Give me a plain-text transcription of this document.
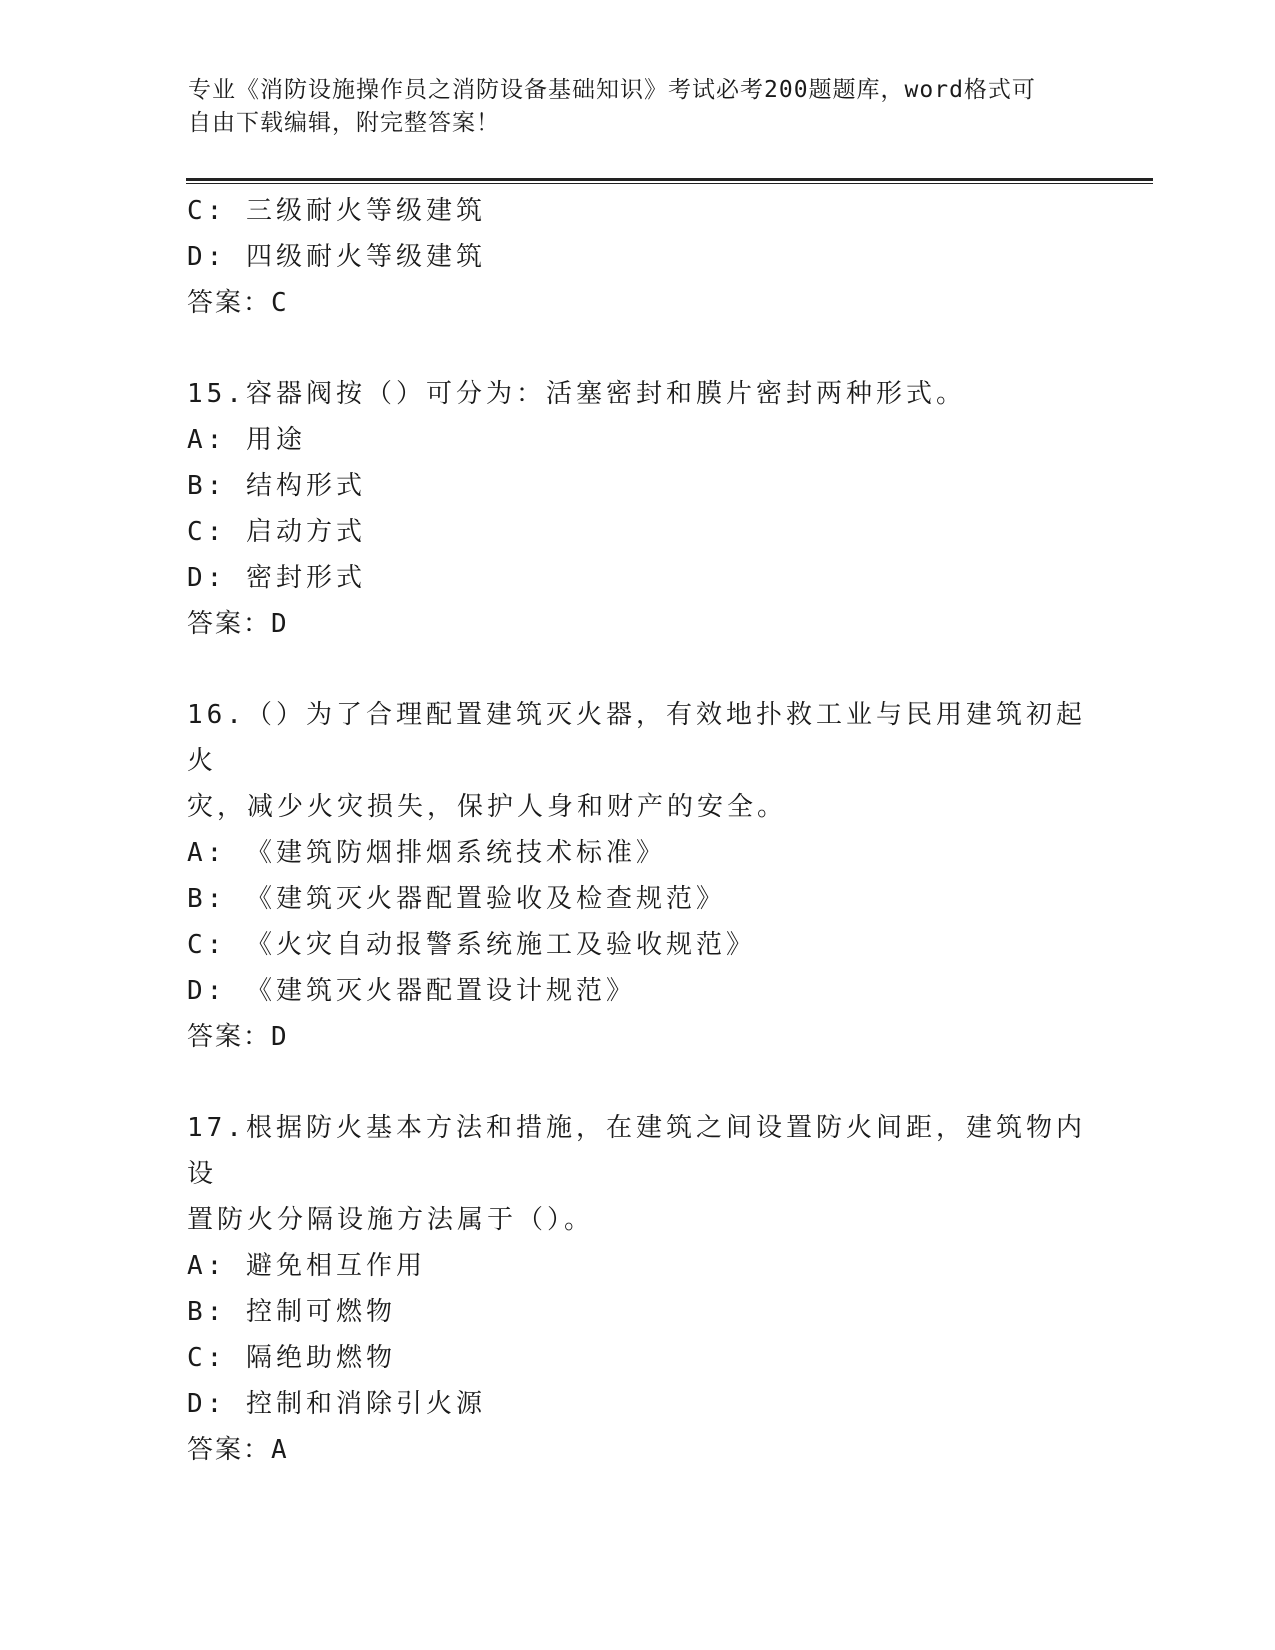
专业《消防设施操作员之消防设备基础知识》考试必考200题题库，word格式可
自由下载编辑，附完整答案！
C: 三级耐火等级建筑
D: 四级耐火等级建筑
答案：C
15.容器阀按（）可分为：活塞密封和膜片密封两种形式。
A: 用途
B: 结构形式
C: 启动方式
D: 密封形式
答案：D
16.（）为了合理配置建筑灭火器，有效地扑救工业与民用建筑初起火
灾，减少火灾损失，保护人身和财产的安全。
A: 《建筑防烟排烟系统技术标准》
B: 《建筑灭火器配置验收及检查规范》
C: 《火灾自动报警系统施工及验收规范》
D: 《建筑灭火器配置设计规范》
答案：D
17.根据防火基本方法和措施，在建筑之间设置防火间距，建筑物内设
置防火分隔设施方法属于（）。
A: 避免相互作用
B: 控制可燃物
C: 隔绝助燃物
D: 控制和消除引火源
答案：A
